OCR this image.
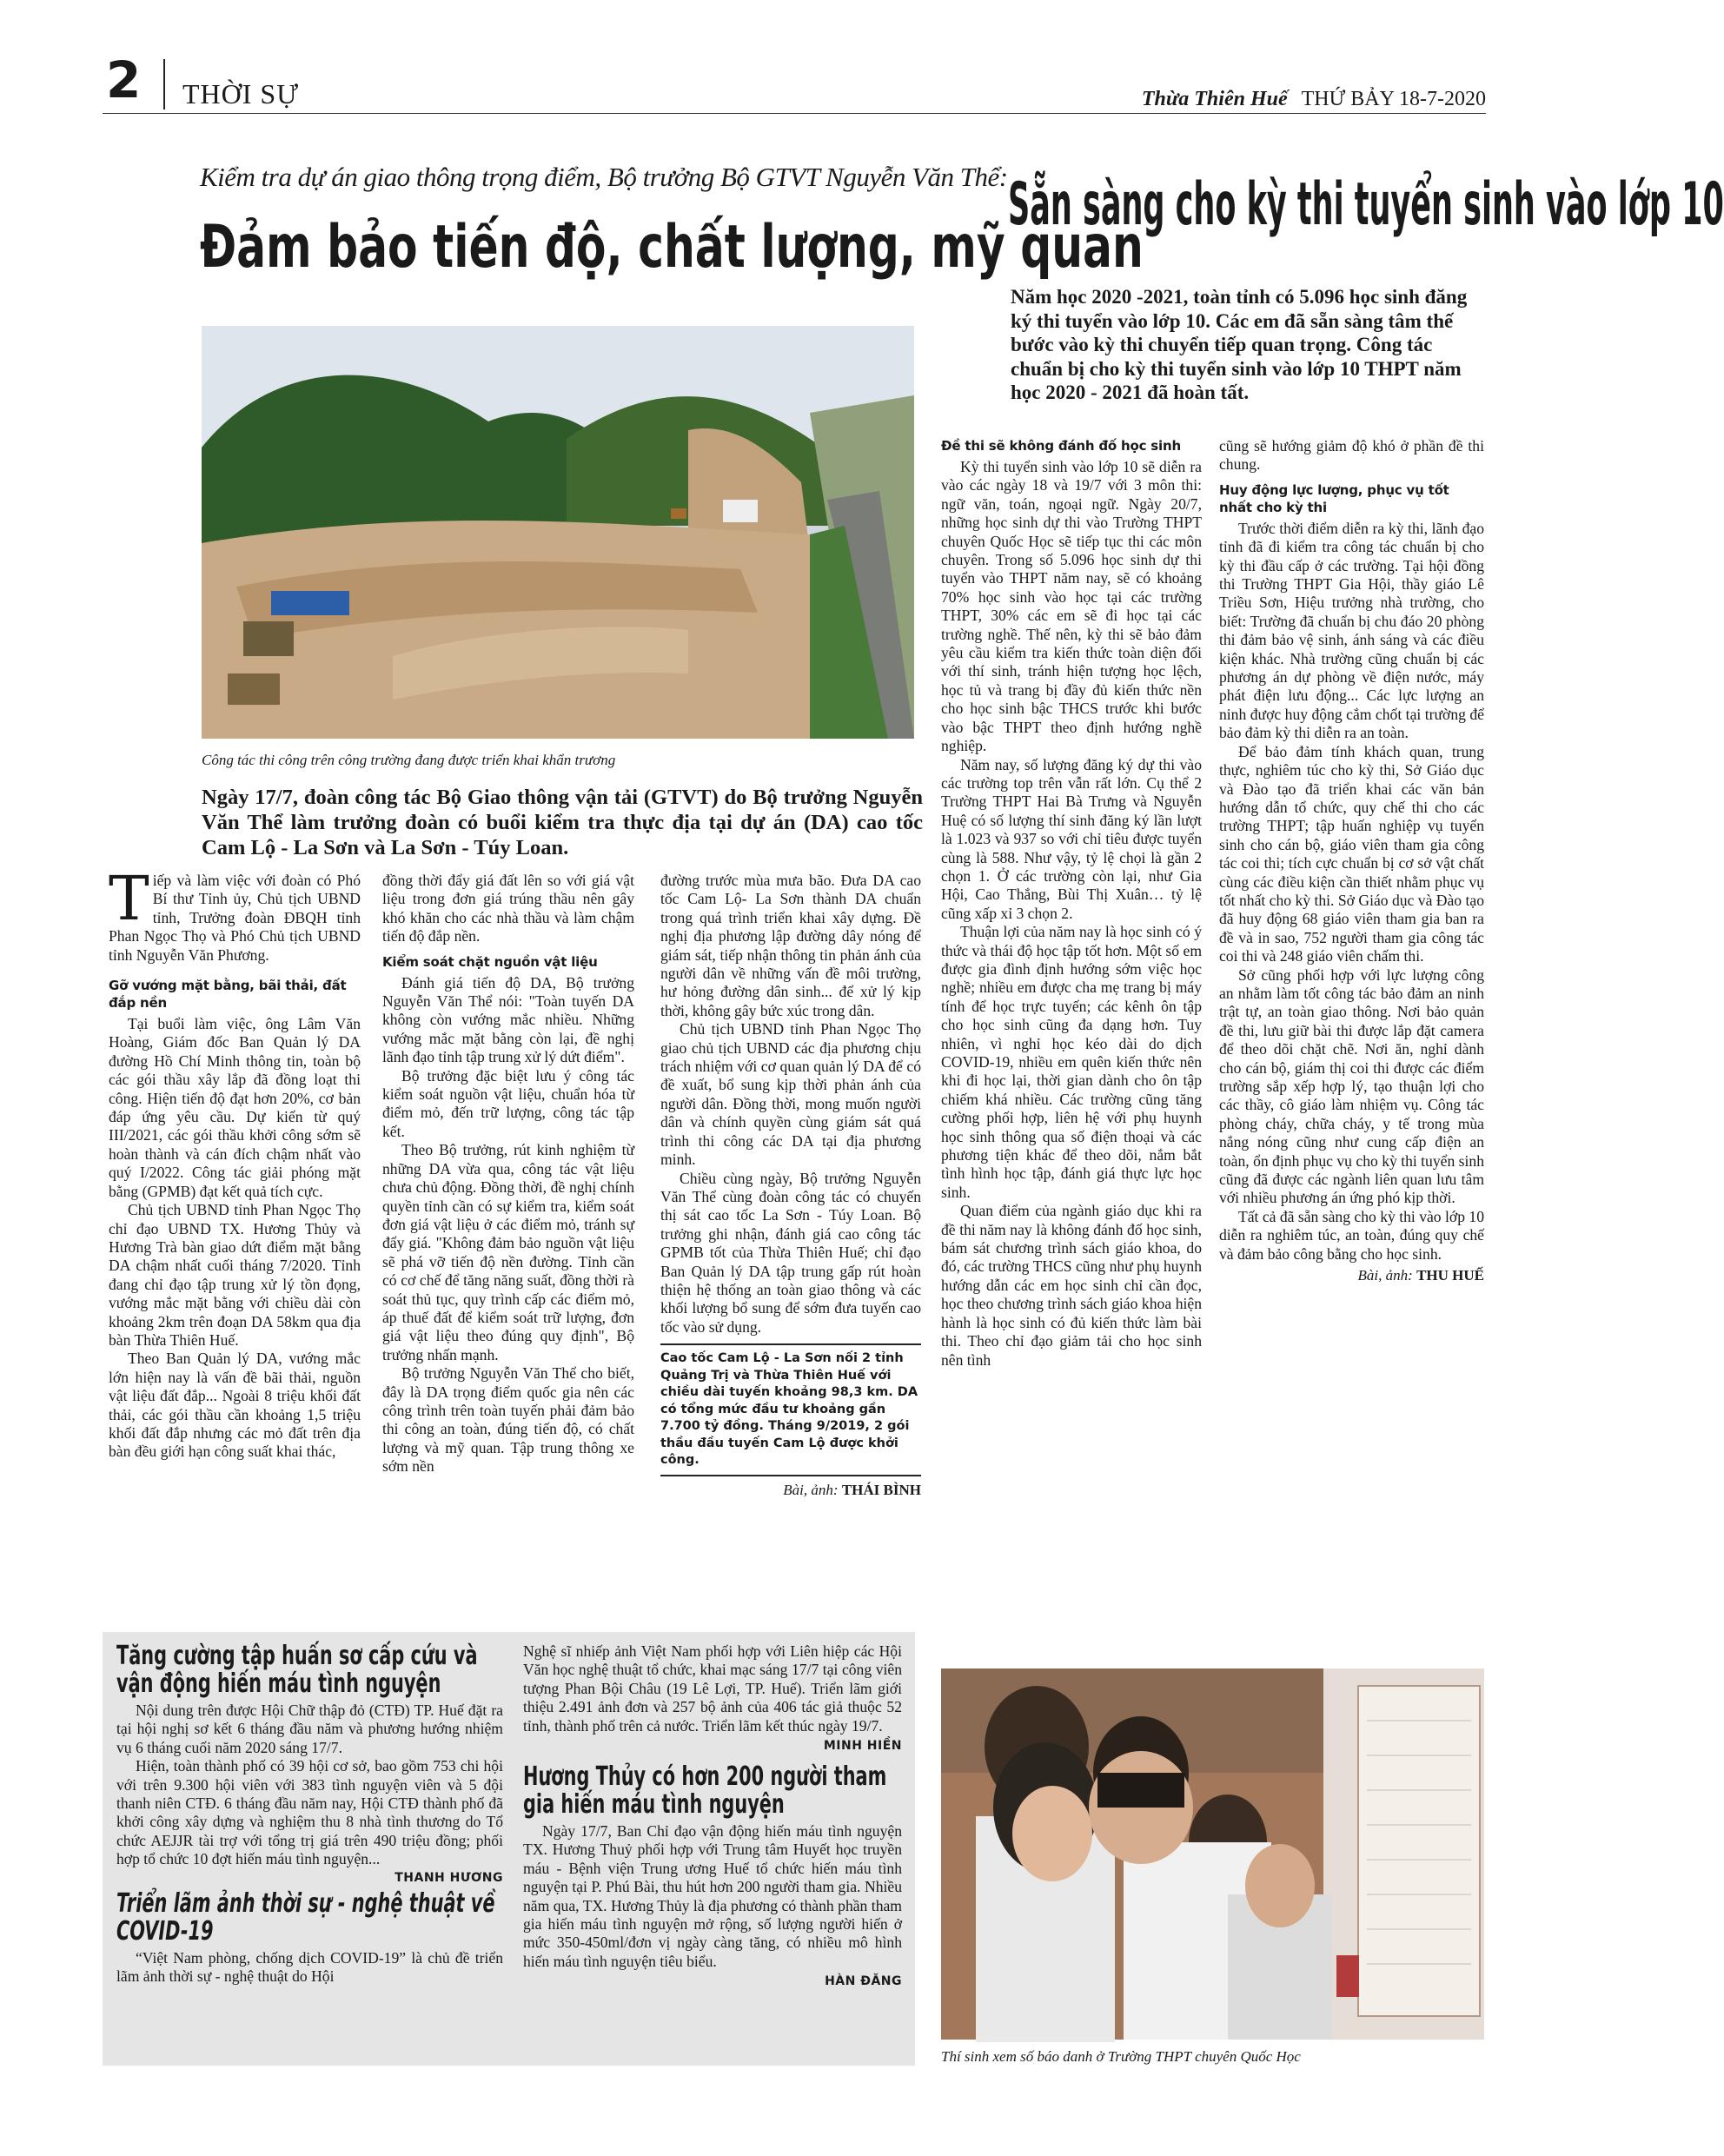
2 THỜI SỰ	Thừa Thiên Huế THỨ BẢY 18-7-2020
Kiểm tra dự án giao thông trọng điểm, Bộ trưởng Bộ GTVT Nguyễn Văn Thể:
Đảm bảo tiến độ, chất lượng, mỹ quan
Công tác thi công trên công trường đang được triển khai khẩn trương
Ngày 17/7, đoàn công tác Bộ Giao thông vận tải (GTVT) do Bộ trưởng Nguyễn Văn Thể làm trưởng đoàn có buổi kiểm tra thực địa tại dự án (DA) cao tốc Cam Lộ - La Sơn và La Sơn - Túy Loan.
T iếp và làm việc với đoàn có Phó Bí thư Tỉnh ủy, Chủ tịch UBND tỉnh, Trưởng đoàn ĐBQH tỉnh Phan Ngọc Thọ và Phó Chủ tịch UBND tỉnh Nguyễn Văn Phương.

Gỡ vướng mặt bằng, bãi thải, đất đắp nền

Tại buổi làm việc, ông Lâm Văn Hoàng, Giám đốc Ban Quản lý DA đường Hồ Chí Minh thông tin, toàn bộ các gói thầu xây lắp đã đồng loạt thi công. Hiện tiến độ đạt hơn 20%, cơ bản đáp ứng yêu cầu. Dự kiến từ quý III/2021, các gói thầu khởi công sớm sẽ hoàn thành và cán đích chậm nhất vào quý I/2022. Công tác giải phóng mặt bằng (GPMB) đạt kết quả tích cực.

Chủ tịch UBND tỉnh Phan Ngọc Thọ chỉ đạo UBND TX. Hương Thủy và Hương Trà bàn giao dứt điểm mặt bằng DA chậm nhất cuối tháng 7/2020. Tỉnh đang chỉ đạo tập trung xử lý tồn đọng, vướng mắc mặt bằng với chiều dài còn khoảng 2km trên đoạn DA 58km qua địa bàn Thừa Thiên Huế.

Theo Ban Quản lý DA, vướng mắc lớn hiện nay là vấn đề bãi thải, nguồn vật liệu đất đắp... Ngoài 8 triệu khối đất thải, các gói thầu cần khoảng 1,5 triệu khối đất đắp nhưng các mỏ đất trên địa bàn đều giới hạn công suất khai thác,

đồng thời đẩy giá đất lên so với giá vật liệu trong đơn giá trúng thầu nên gây khó khăn cho các nhà thầu và làm chậm tiến độ đắp nền.

Kiểm soát chặt nguồn vật liệu

Đánh giá tiến độ DA, Bộ trưởng Nguyễn Văn Thể nói: "Toàn tuyến DA không còn vướng mắc nhiều. Những vướng mắc mặt bằng còn lại, đề nghị lãnh đạo tỉnh tập trung xử lý dứt điểm".

Bộ trưởng đặc biệt lưu ý công tác kiểm soát nguồn vật liệu, chuẩn hóa từ điểm mỏ, đến trữ lượng, công tác tập kết.

Theo Bộ trưởng, rút kinh nghiệm từ những DA vừa qua, công tác vật liệu chưa chủ động. Đồng thời, đề nghị chính quyền tỉnh cần có sự kiểm tra, kiểm soát đơn giá vật liệu ở các điểm mỏ, tránh sự đẩy giá. "Không đảm bảo nguồn vật liệu sẽ phá vỡ tiến độ nền đường. Tỉnh cần có cơ chế để tăng năng suất, đồng thời rà soát thủ tục, quy trình cấp các điểm mỏ, áp thuế đất để kiểm soát trữ lượng, đơn giá vật liệu theo đúng quy định", Bộ trưởng nhấn mạnh.

Bộ trưởng Nguyễn Văn Thể cho biết, đây là DA trọng điểm quốc gia nên các công trình trên toàn tuyến phải đảm bảo thi công an toàn, đúng tiến độ, có chất lượng và mỹ quan. Tập trung thông xe sớm nền

đường trước mùa mưa bão. Đưa DA cao tốc Cam Lộ- La Sơn thành DA chuẩn trong quá trình triển khai xây dựng. Đề nghị địa phương lập đường dây nóng để giám sát, tiếp nhận thông tin phản ánh của người dân về những vấn đề môi trường, hư hỏng đường dân sinh... để xử lý kịp thời, không gây bức xúc trong dân.

Chủ tịch UBND tỉnh Phan Ngọc Thọ giao chủ tịch UBND các địa phương chịu trách nhiệm với cơ quan quản lý DA để có đề xuất, bổ sung kịp thời phản ánh của người dân. Đồng thời, mong muốn người dân và chính quyền cùng giám sát quá trình thi công các DA tại địa phương minh.

Chiều cùng ngày, Bộ trưởng Nguyễn Văn Thể cùng đoàn công tác có chuyến thị sát cao tốc La Sơn - Túy Loan. Bộ trưởng ghi nhận, đánh giá cao công tác GPMB tốt của Thừa Thiên Huế; chỉ đạo Ban Quản lý DA tập trung gấp rút hoàn thiện hệ thống an toàn giao thông và các khối lượng bổ sung để sớm đưa tuyến cao tốc vào sử dụng.

Cao tốc Cam Lộ - La Sơn nối 2 tỉnh Quảng Trị và Thừa Thiên Huế với chiều dài tuyến khoảng 98,3 km. DA có tổng mức đầu tư khoảng gần 7.700 tỷ đồng. Tháng 9/2019, 2 gói thầu đầu tuyến Cam Lộ được khởi công.

Bài, ảnh: THÁI BÌNH
Sẵn sàng cho kỳ thi tuyển sinh vào lớp 10
Năm học 2020 -2021, toàn tỉnh có 5.096 học sinh đăng ký thi tuyển vào lớp 10. Các em đã sẵn sàng tâm thế bước vào kỳ thi chuyển tiếp quan trọng. Công tác chuẩn bị cho kỳ thi tuyển sinh vào lớp 10 THPT năm học 2020 - 2021 đã hoàn tất.
Đề thi sẽ không đánh đố học sinh

Kỳ thi tuyển sinh vào lớp 10 sẽ diễn ra vào các ngày 18 và 19/7 với 3 môn thi: ngữ văn, toán, ngoại ngữ. Ngày 20/7, những học sinh dự thi vào Trường THPT chuyên Quốc Học sẽ tiếp tục thi các môn chuyên. Trong số 5.096 học sinh dự thi tuyển vào THPT năm nay, sẽ có khoảng 70% học sinh vào học tại các trường THPT, 30% các em sẽ đi học tại các trường nghề. Thế nên, kỳ thi sẽ bảo đảm yêu cầu kiểm tra kiến thức toàn diện đối với thí sinh, tránh hiện tượng học lệch, học tủ và trang bị đầy đủ kiến thức nền cho học sinh bậc THCS trước khi bước vào bậc THPT theo định hướng nghề nghiệp.

Năm nay, số lượng đăng ký dự thi vào các trường top trên vẫn rất lớn. Cụ thể 2 Trường THPT Hai Bà Trưng và Nguyễn Huệ có số lượng thí sinh đăng ký lần lượt là 1.023 và 937 so với chỉ tiêu được tuyển cùng là 588. Như vậy, tỷ lệ chọi là gần 2 chọn 1. Ở các trường còn lại, như Gia Hội, Cao Thắng, Bùi Thị Xuân… tỷ lệ cũng xấp xỉ 3 chọn 2.

Thuận lợi của năm nay là học sinh có ý thức và thái độ học tập tốt hơn. Một số em được gia đình định hướng sớm việc học nghề; nhiều em được cha mẹ trang bị máy tính để học trực tuyến; các kênh ôn tập cho học sinh cũng đa dạng hơn. Tuy nhiên, vì nghỉ học kéo dài do dịch COVID-19, nhiều em quên kiến thức nên khi đi học lại, thời gian dành cho ôn tập chiếm khá nhiều. Các trường cũng tăng cường phối hợp, liên hệ với phụ huynh học sinh thông qua số điện thoại và các phương tiện khác để theo dõi, nắm bắt tình hình học tập, đánh giá thực lực học sinh.

Quan điểm của ngành giáo dục khi ra đề thi năm nay là không đánh đố học sinh, bám sát chương trình sách giáo khoa, do đó, các trường THCS cũng như phụ huynh hướng dẫn các em học sinh chỉ cần đọc, học theo chương trình sách giáo khoa hiện hành là học sinh có đủ kiến thức làm bài thi. Theo chỉ đạo giảm tải cho học sinh nên tình

cũng sẽ hướng giảm độ khó ở phần đề thi chung.

Huy động lực lượng, phục vụ tốt nhất cho kỳ thi

Trước thời điểm diễn ra kỳ thi, lãnh đạo tỉnh đã đi kiểm tra công tác chuẩn bị cho kỳ thi đầu cấp ở các trường. Tại hội đồng thi Trường THPT Gia Hội, thầy giáo Lê Triều Sơn, Hiệu trưởng nhà trường, cho biết: Trường đã chuẩn bị chu đáo 20 phòng thi đảm bảo vệ sinh, ánh sáng và các điều kiện khác. Nhà trường cũng chuẩn bị các phương án dự phòng về điện nước, máy phát điện lưu động... Các lực lượng an ninh được huy động cắm chốt tại trường để bảo đảm kỳ thi diễn ra an toàn.

Để bảo đảm tính khách quan, trung thực, nghiêm túc cho kỳ thi, Sở Giáo dục và Đào tạo đã triển khai các văn bản hướng dẫn tổ chức, quy chế thi cho các trường THPT; tập huấn nghiệp vụ tuyển sinh cho cán bộ, giáo viên tham gia công tác coi thi; tích cực chuẩn bị cơ sở vật chất cùng các điều kiện cần thiết nhằm phục vụ tốt nhất cho kỳ thi. Sở Giáo dục và Đào tạo đã huy động 68 giáo viên tham gia ban ra đề và in sao, 752 người tham gia công tác coi thi và 248 giáo viên chấm thi.

Sở cũng phối hợp với lực lượng công an nhằm làm tốt công tác bảo đảm an ninh trật tự, an toàn giao thông. Nơi bảo quản đề thi, lưu giữ bài thi được lắp đặt camera để theo dõi chặt chẽ. Nơi ăn, nghỉ dành cho cán bộ, giám thị coi thi được các điểm trường sắp xếp hợp lý, tạo thuận lợi cho các thầy, cô giáo làm nhiệm vụ. Công tác phòng cháy, chữa cháy, y tế trong mùa nắng nóng cũng như cung cấp điện an toàn, ổn định phục vụ cho kỳ thi tuyển sinh cũng đã được các ngành liên quan lưu tâm với nhiều phương án ứng phó kịp thời.

Tất cả đã sẵn sàng cho kỳ thi vào lớp 10 diễn ra nghiêm túc, an toàn, đúng quy chế và đảm bảo công bằng cho học sinh.

Bài, ảnh: THU HUẾ
Thí sinh xem số báo danh ở Trường THPT chuyên Quốc Học
Tăng cường tập huấn sơ cấp cứu và vận động hiến máu tình nguyện

Nội dung trên được Hội Chữ thập đỏ (CTĐ) TP. Huế đặt ra tại hội nghị sơ kết 6 tháng đầu năm và phương hướng nhiệm vụ 6 tháng cuối năm 2020 sáng 17/7.

Hiện, toàn thành phố có 39 hội cơ sở, bao gồm 753 chi hội với trên 9.300 hội viên với 383 tình nguyện viên và 5 đội thanh niên CTĐ. 6 tháng đầu năm nay, Hội CTĐ thành phố đã khởi công xây dựng và nghiệm thu 8 nhà tình thương do Tổ chức AEJJR tài trợ với tổng trị giá trên 490 triệu đồng; phối hợp tổ chức 10 đợt hiến máu tình nguyện...

THANH HƯƠNG
Triển lãm ảnh thời sự - nghệ thuật về COVID-19

“Việt Nam phòng, chống dịch COVID-19” là chủ đề triển lãm ảnh thời sự - nghệ thuật do Hội

Nghệ sĩ nhiếp ảnh Việt Nam phối hợp với Liên hiệp các Hội Văn học nghệ thuật tổ chức, khai mạc sáng 17/7 tại công viên tượng Phan Bội Châu (19 Lê Lợi, TP. Huế). Triển lãm giới thiệu 2.491 ảnh đơn và 257 bộ ảnh của 406 tác giả thuộc 52 tỉnh, thành phố trên cả nước. Triển lãm kết thúc ngày 19/7.

MINH HIỀN
Hương Thủy có hơn 200 người tham gia hiến máu tình nguyện

Ngày 17/7, Ban Chỉ đạo vận động hiến máu tình nguyện TX. Hương Thuỷ phối hợp với Trung tâm Huyết học truyền máu - Bệnh viện Trung ương Huế tổ chức hiến máu tình nguyện tại P. Phú Bài, thu hút hơn 200 người tham gia. Nhiều năm qua, TX. Hương Thủy là địa phương có thành phần tham gia hiến máu tình nguyện mở rộng, số lượng người hiến ở mức 350-450ml/đơn vị ngày càng tăng, có nhiều mô hình hiến máu tình nguyện tiêu biểu.

HÀN ĐĂNG
